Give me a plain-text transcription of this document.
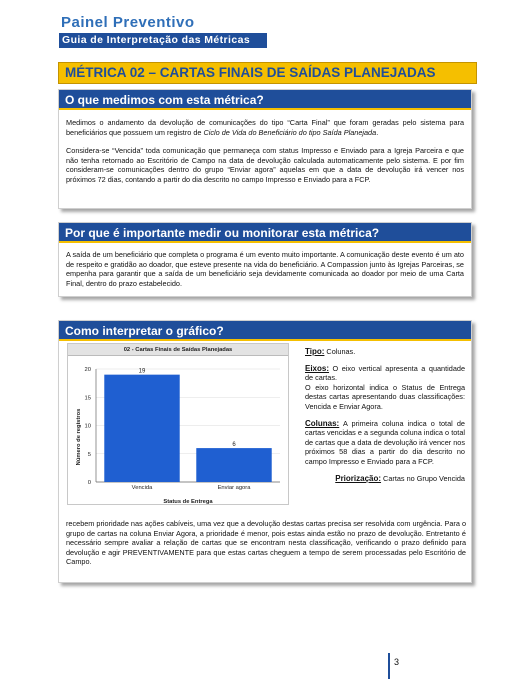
Painel Preventivo
Guia de Interpretação das Métricas
MÉTRICA 02 – CARTAS FINAIS DE SAÍDAS PLANEJADAS
O que medimos com esta métrica?

Medimos o andamento da devolução de comunicações do tipo “Carta Final” que foram geradas pelo sistema para beneficiários que possuem um registro de Ciclo de Vida do Beneficiário do tipo Saída Planejada.

Considera-se “Vencida” toda comunicação que permaneça com status Impresso e Enviado para a Igreja Parceira e que não tenha retornado ao Escritório de Campo na data de devolução calculada automaticamente pelo sistema. E por fim consideram-se comunicações dentro do grupo “Enviar agora” aquelas em que a data de devolução irá vencer nos próximos 72 dias, contando a partir do dia descrito no campo Impresso e Enviado para a FCP.

Por que é importante medir ou monitorar esta métrica?

A saída de um beneficiário que completa o programa é um evento muito importante. A comunicação deste evento é um ato de respeito e gratidão ao doador, que esteve presente na vida do beneficiário. A Compassion junto às Igrejas Parceiras, se empenha para garantir que a saída de um beneficiário seja devidamente comunicada ao doador por meio de uma Carta Final, dentro do prazo estabelecido.

Como interpretar o gráfico?
02 - Cartas Finais de Saídas Planejadas
0
5
10
15
20	19
Vencida
6
Enviar agora
Número de registros
Status de Entrega

Tipo: Colunas.

Eixos: O eixo vertical apresenta a quantidade de cartas.
O eixo horizontal indica o Status de Entrega destas cartas apresentando duas classificações: Vencida e Enviar Agora.

Colunas: A primeira coluna indica o total de cartas vencidas e a segunda coluna indica o total de cartas que a data de devolução irá vencer nos próximos 58 dias a partir do dia descrito no campo Impresso e Enviado para a FCP.

Priorização: Cartas no Grupo Vencida

recebem prioridade nas ações cabíveis, uma vez que a devolução destas cartas precisa ser resolvida com urgência. Para o grupo de cartas na coluna Enviar Agora, a prioridade é menor, pois estas ainda estão no prazo de devolução. Entretanto é necessário sempre avaliar a relação de cartas que se encontram nesta classificação, verificando o prazo definido para devolução e agir PREVENTIVAMENTE para que estas cartas cheguem a tempo de serem processadas pelo Escritório de Campo.
3
